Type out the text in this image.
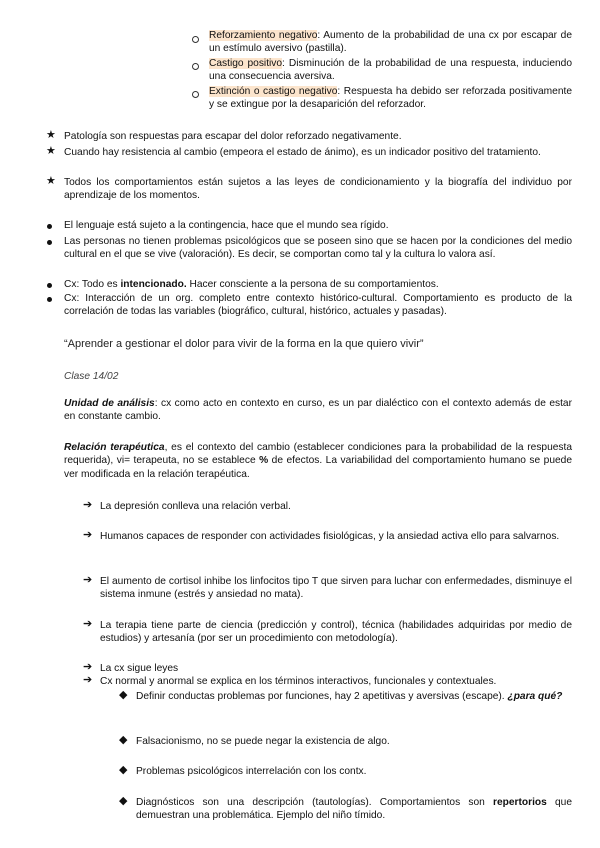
Reforzamiento negativo: Aumento de la probabilidad de una cx por escapar de un estímulo aversivo (pastilla).
Castigo positivo: Disminución de la probabilidad de una respuesta, induciendo una consecuencia aversiva.
Extinción o castigo negativo: Respuesta ha debido ser reforzada positivamente y se extingue por la desaparición del reforzador.
★ Patología son respuestas para escapar del dolor reforzado negativamente.
★ Cuando hay resistencia al cambio (empeora el estado de ánimo), es un indicador positivo del tratamiento.
★ Todos los comportamientos están sujetos a las leyes de condicionamiento y la biografía del individuo por aprendizaje de los momentos.
El lenguaje está sujeto a la contingencia, hace que el mundo sea rígido.
Las personas no tienen problemas psicológicos que se poseen sino que se hacen por la condiciones del medio cultural en el que se vive (valoración). Es decir, se comportan como tal y la cultura lo valora así.
Cx: Todo es intencionado. Hacer consciente a la persona de su comportamientos.
Cx: Interacción de un org. completo entre contexto histórico-cultural. Comportamiento es producto de la correlación de todas las variables (biográfico, cultural, histórico, actuales y pasadas).
“Aprender a gestionar el dolor para vivir de la forma en la que quiero vivir”
Clase 14/02
Unidad de análisis: cx como acto en contexto en curso, es un par dialéctico con el contexto además de estar en constante cambio.
Relación terapéutica, es el contexto del cambio (establecer condiciones para la probabilidad de la respuesta requerida), vi= terapeuta, no se establece % de efectos. La variabilidad del comportamiento humano se puede ver modificada en la relación terapéutica.
➔ La depresión conlleva una relación verbal.
➔ Humanos capaces de responder con actividades fisiológicas, y la ansiedad activa ello para salvarnos.
➔ El aumento de cortisol inhibe los linfocitos tipo T que sirven para luchar con enfermedades, disminuye el sistema inmune (estrés y ansiedad no mata).
➔ La terapia tiene parte de ciencia (predicción y control), técnica (habilidades adquiridas por medio de estudios) y artesanía (por ser un procedimiento con metodología).
➔ La cx sigue leyes
➔ Cx normal y anormal se explica en los términos interactivos, funcionales y contextuales.
◆ Definir conductas problemas por funciones, hay 2 apetitivas y aversivas (escape). ¿para qué?
◆ Falsacionismo, no se puede negar la existencia de algo.
◆ Problemas psicológicos interrelación con los contx.
◆ Diagnósticos son una descripción (tautologías). Comportamientos son repertorios que demuestran una problemática. Ejemplo del niño tímido.
